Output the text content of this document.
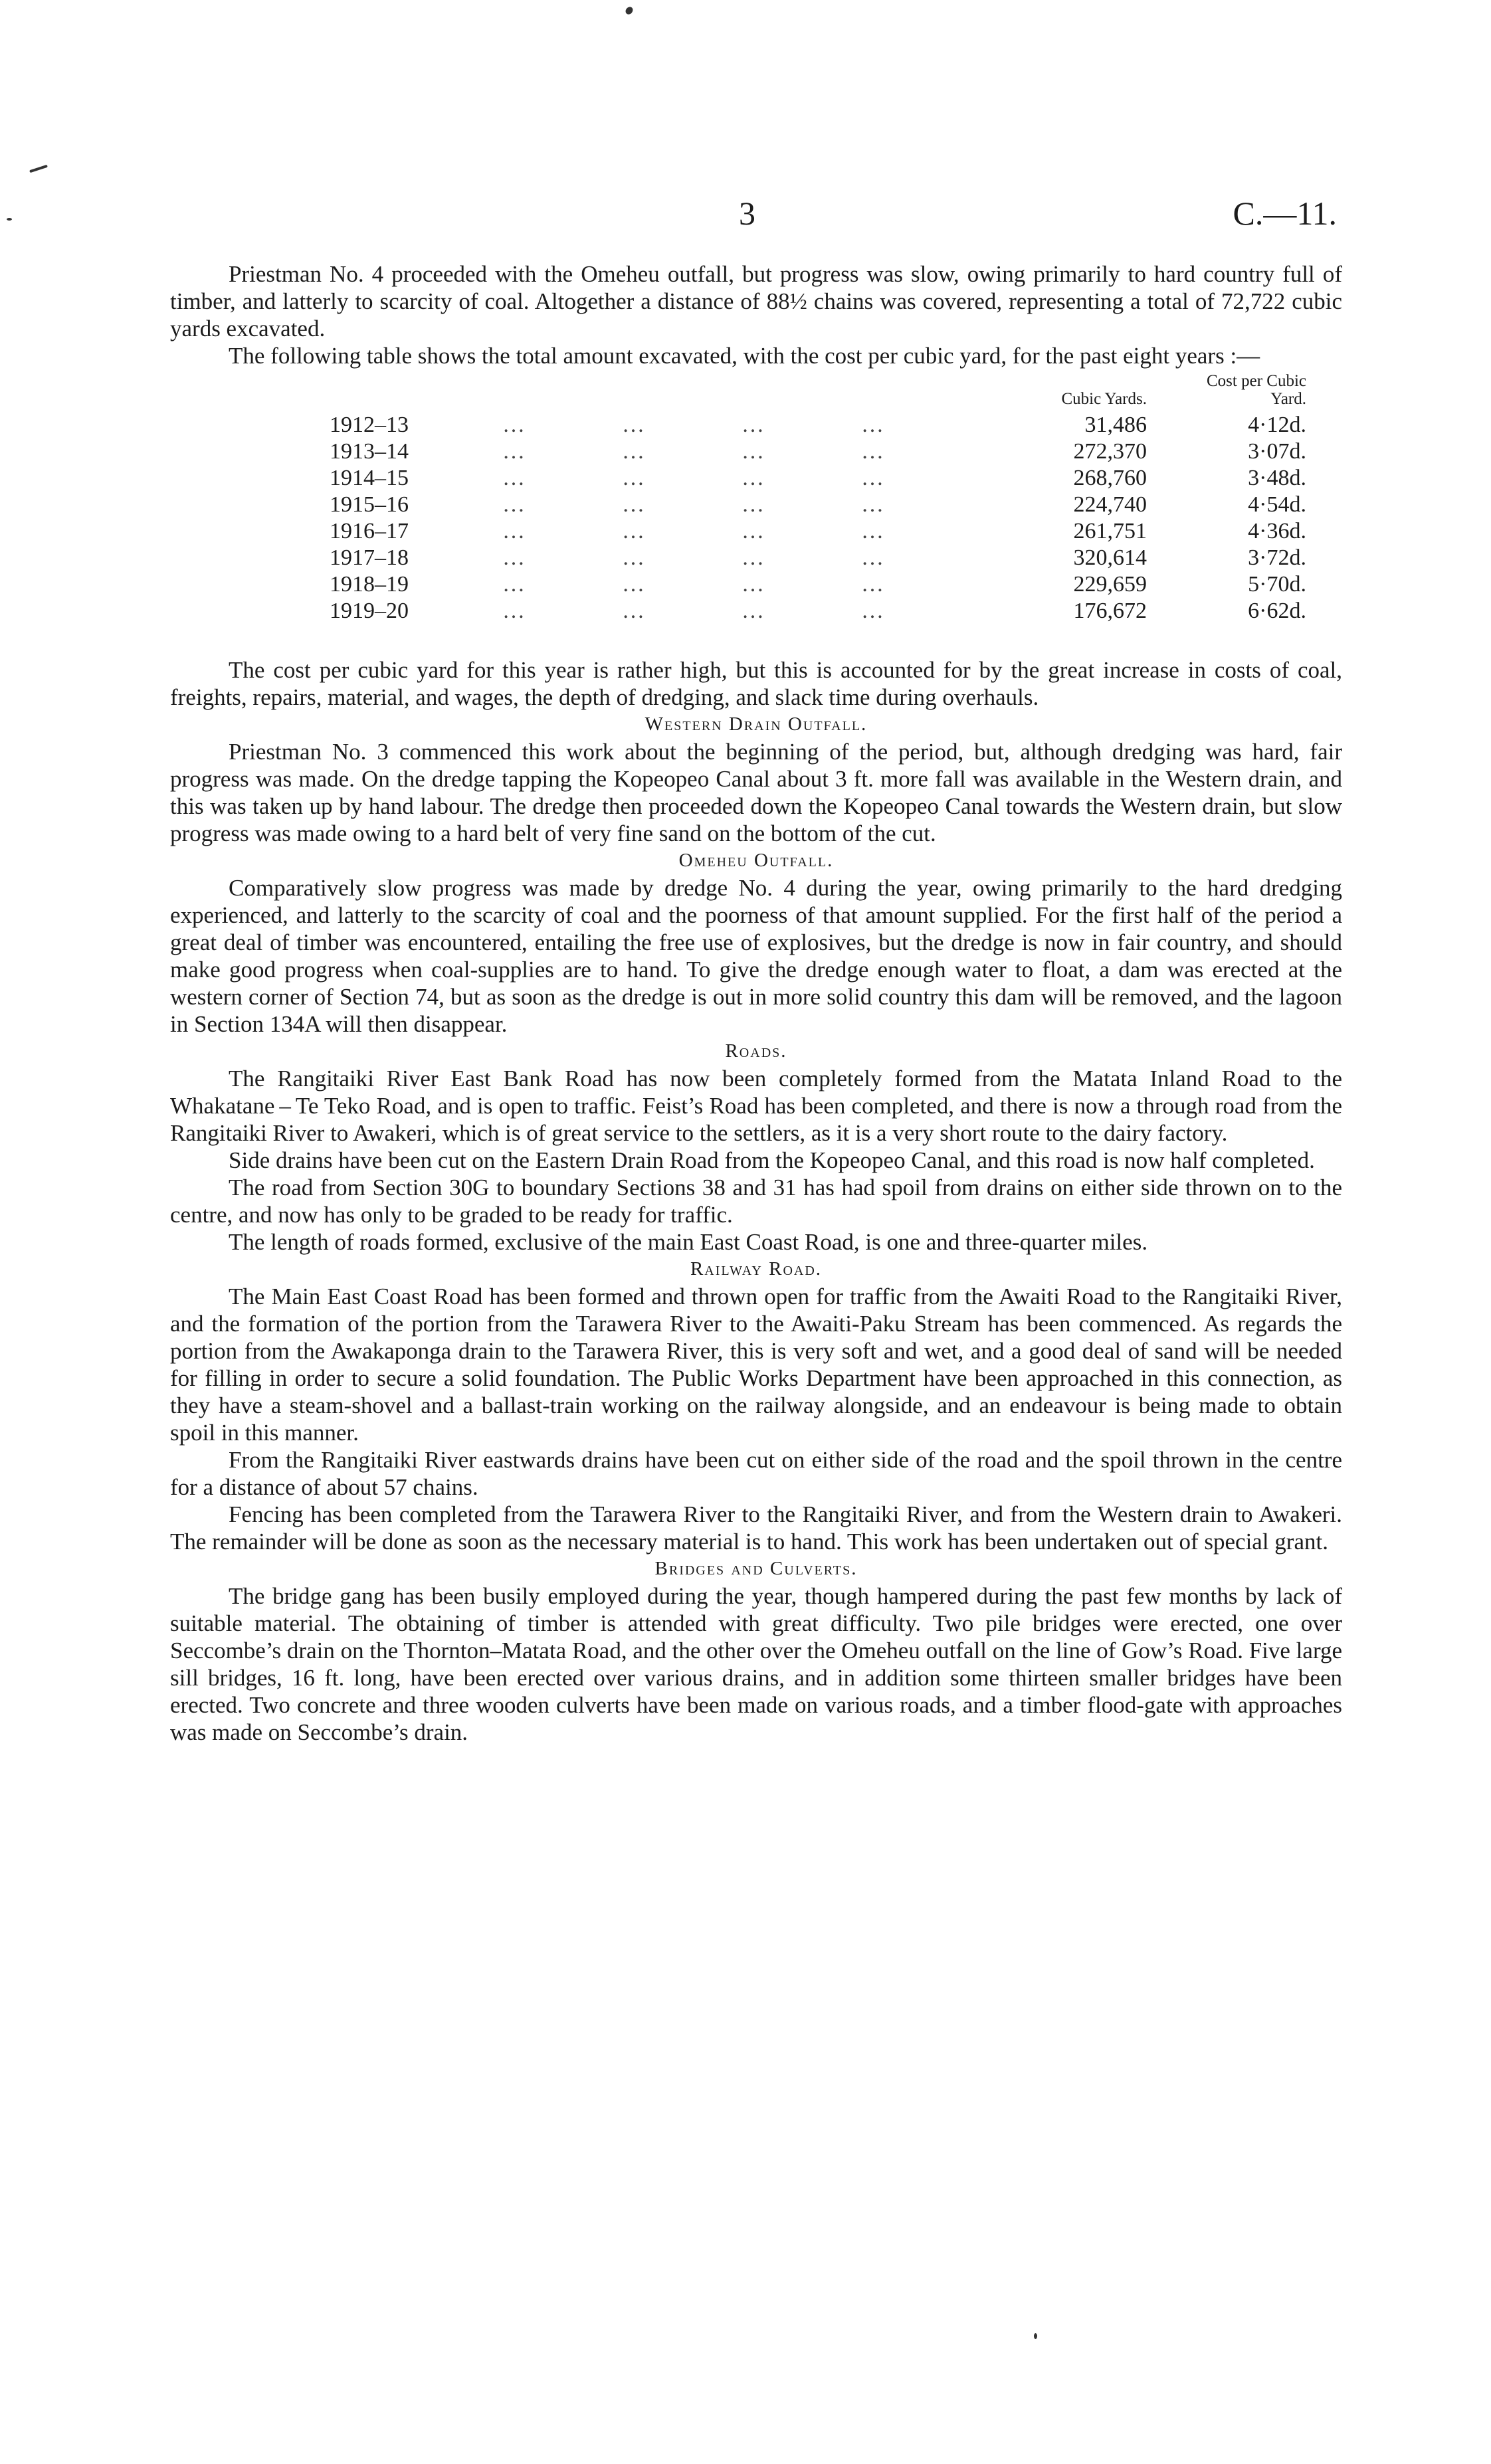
3	C.—11.

Priestman No. 4 proceeded with the Omeheu outfall, but progress was slow, owing primarily to hard country full of timber, and latterly to scarcity of coal. Altogether a distance of 88½ chains was covered, representing a total of 72,722 cubic yards excavated.

The following table shows the total amount excavated, with the cost per cubic yard, for the past eight years :—

		Cubic Yards.	Cost per Cubic Yard.
1912–13	…    …    …    …	31,486	4·12d.
1913–14	…    …    …    …	272,370	3·07d.
1914–15	…    …    …    …	268,760	3·48d.
1915–16	…    …    …    …	224,740	4·54d.
1916–17	…    …    …    …	261,751	4·36d.
1917–18	…    …    …    …	320,614	3·72d.
1918–19	…    …    …    …	229,659	5·70d.
1919–20	…    …    …    …	176,672	6·62d.

The cost per cubic yard for this year is rather high, but this is accounted for by the great increase in costs of coal, freights, repairs, material, and wages, the depth of dredging, and slack time during overhauls.

Western Drain Outfall.

Priestman No. 3 commenced this work about the beginning of the period, but, although dredging was hard, fair progress was made. On the dredge tapping the Kopeopeo Canal about 3 ft. more fall was available in the Western drain, and this was taken up by hand labour. The dredge then proceeded down the Kopeopeo Canal towards the Western drain, but slow progress was made owing to a hard belt of very fine sand on the bottom of the cut.

Omeheu Outfall.

Comparatively slow progress was made by dredge No. 4 during the year, owing primarily to the hard dredging experienced, and latterly to the scarcity of coal and the poorness of that amount supplied. For the first half of the period a great deal of timber was encountered, entailing the free use of explosives, but the dredge is now in fair country, and should make good progress when coal-supplies are to hand. To give the dredge enough water to float, a dam was erected at the western corner of Section 74, but as soon as the dredge is out in more solid country this dam will be removed, and the lagoon in Section 134A will then disappear.

Roads.

The Rangitaiki River East Bank Road has now been completely formed from the Matata Inland Road to the Whakatane – Te Teko Road, and is open to traffic. Feist’s Road has been completed, and there is now a through road from the Rangitaiki River to Awakeri, which is of great service to the settlers, as it is a very short route to the dairy factory.

Side drains have been cut on the Eastern Drain Road from the Kopeopeo Canal, and this road is now half completed.

The road from Section 30G to boundary Sections 38 and 31 has had spoil from drains on either side thrown on to the centre, and now has only to be graded to be ready for traffic.

The length of roads formed, exclusive of the main East Coast Road, is one and three-quarter miles.

Railway Road.

The Main East Coast Road has been formed and thrown open for traffic from the Awaiti Road to the Rangitaiki River, and the formation of the portion from the Tarawera River to the Awaiti-Paku Stream has been commenced. As regards the portion from the Awakaponga drain to the Tarawera River, this is very soft and wet, and a good deal of sand will be needed for filling in order to secure a solid foundation. The Public Works Department have been approached in this connection, as they have a steam-shovel and a ballast-train working on the railway alongside, and an endeavour is being made to obtain spoil in this manner.

From the Rangitaiki River eastwards drains have been cut on either side of the road and the spoil thrown in the centre for a distance of about 57 chains.

Fencing has been completed from the Tarawera River to the Rangitaiki River, and from the Western drain to Awakeri. The remainder will be done as soon as the necessary material is to hand. This work has been undertaken out of special grant.

Bridges and Culverts.

The bridge gang has been busily employed during the year, though hampered during the past few months by lack of suitable material. The obtaining of timber is attended with great difficulty. Two pile bridges were erected, one over Seccombe’s drain on the Thornton–Matata Road, and the other over the Omeheu outfall on the line of Gow’s Road. Five large sill bridges, 16 ft. long, have been erected over various drains, and in addition some thirteen smaller bridges have been erected. Two concrete and three wooden culverts have been made on various roads, and a timber flood-gate with approaches was made on Seccombe’s drain.
